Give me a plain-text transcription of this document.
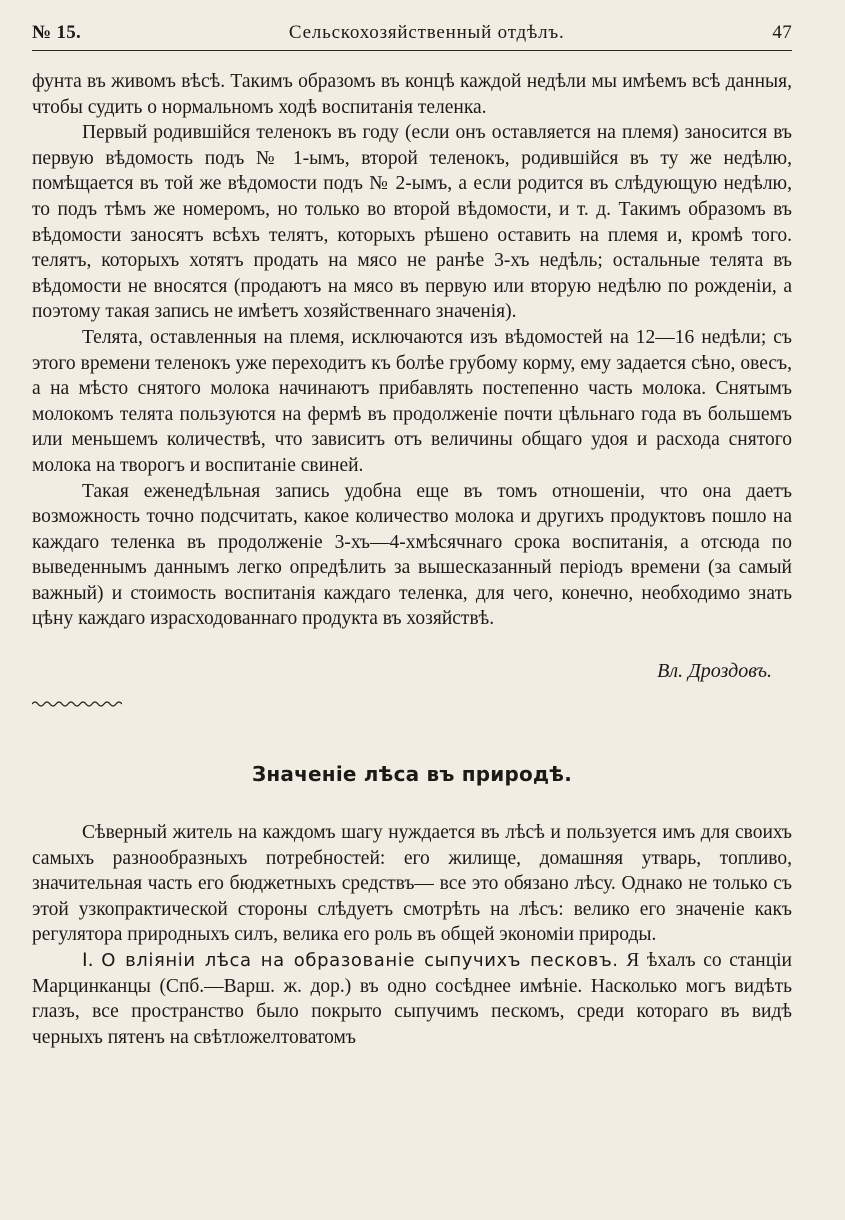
№ 15.	Сельскохозяйственный отдѣлъ.	47

фунта въ живомъ вѣсѣ. Такимъ образомъ въ концѣ каждой недѣли мы имѣемъ всѣ данныя, чтобы судить о нормальномъ ходѣ воспитанія теленка.

Первый родившійся теленокъ въ году (если онъ оставляется на племя) заносится въ первую вѣдомость подъ № 1-ымъ, второй теленокъ, родившійся въ ту же недѣлю, помѣщается въ той же вѣдомости подъ № 2-ымъ, а если родится въ слѣдующую недѣлю, то подъ тѣмъ же номеромъ, но только во второй вѣдомости, и т. д. Такимъ образомъ въ вѣдомости заносятъ всѣхъ телятъ, которыхъ рѣшено оставить на племя и, кромѣ того. телятъ, которыхъ хотятъ продать на мясо не ранѣе 3-хъ недѣль; остальные телята въ вѣдомости не вносятся (продаютъ на мясо въ первую или вторую недѣлю по рожденіи, а поэтому такая запись не имѣетъ хозяйственнаго значенія).

Телята, оставленныя на племя, исключаются изъ вѣдомостей на 12—16 недѣли; съ этого времени теленокъ уже переходитъ къ болѣе грубому корму, ему задается сѣно, овесъ, а на мѣсто снятого молока начинаютъ прибавлять постепенно часть молока. Снятымъ молокомъ телята пользуются на фермѣ въ продолженіе почти цѣльнаго года въ большемъ или меньшемъ количествѣ, что зависитъ отъ величины общаго удоя и расхода снятого молока на творогъ и воспитаніе свиней.

Такая еженедѣльная запись удобна еще въ томъ отношеніи, что она даетъ возможность точно подсчитать, какое количество молока и другихъ продуктовъ пошло на каждаго теленка въ продолженіе 3-хъ—4-хмѣсячнаго срока воспитанія, а отсюда по выведеннымъ даннымъ легко опредѣлить за вышесказанный періодъ времени (за самый важный) и стоимость воспитанія каждаго теленка, для чего, конечно, необходимо знать цѣну каждаго израсходованнаго продукта въ хозяйствѣ.

Вл. Дроздовъ.
Значеніе лѣса въ природѣ.

Сѣверный житель на каждомъ шагу нуждается въ лѣсѣ и пользуется имъ для своихъ самыхъ разнообразныхъ потребностей: его жилище, домашняя утварь, топливо, значительная часть его бюджетныхъ средствъ— все это обязано лѣсу. Однако не только съ этой узкопрактической стороны слѣдуетъ смотрѣть на лѣсъ: велико его значеніе какъ регулятора природныхъ силъ, велика его роль въ общей экономіи природы.

I. О вліяніи лѣса на образованіе сыпучихъ песковъ. Я ѣхалъ со станціи Марцинканцы (Спб.—Варш. ж. дор.) въ одно сосѣднее имѣніе. Насколько могъ видѣть глазъ, все пространство было покрыто сыпучимъ пескомъ, среди котораго въ видѣ черныхъ пятенъ на свѣтложелтоватомъ
